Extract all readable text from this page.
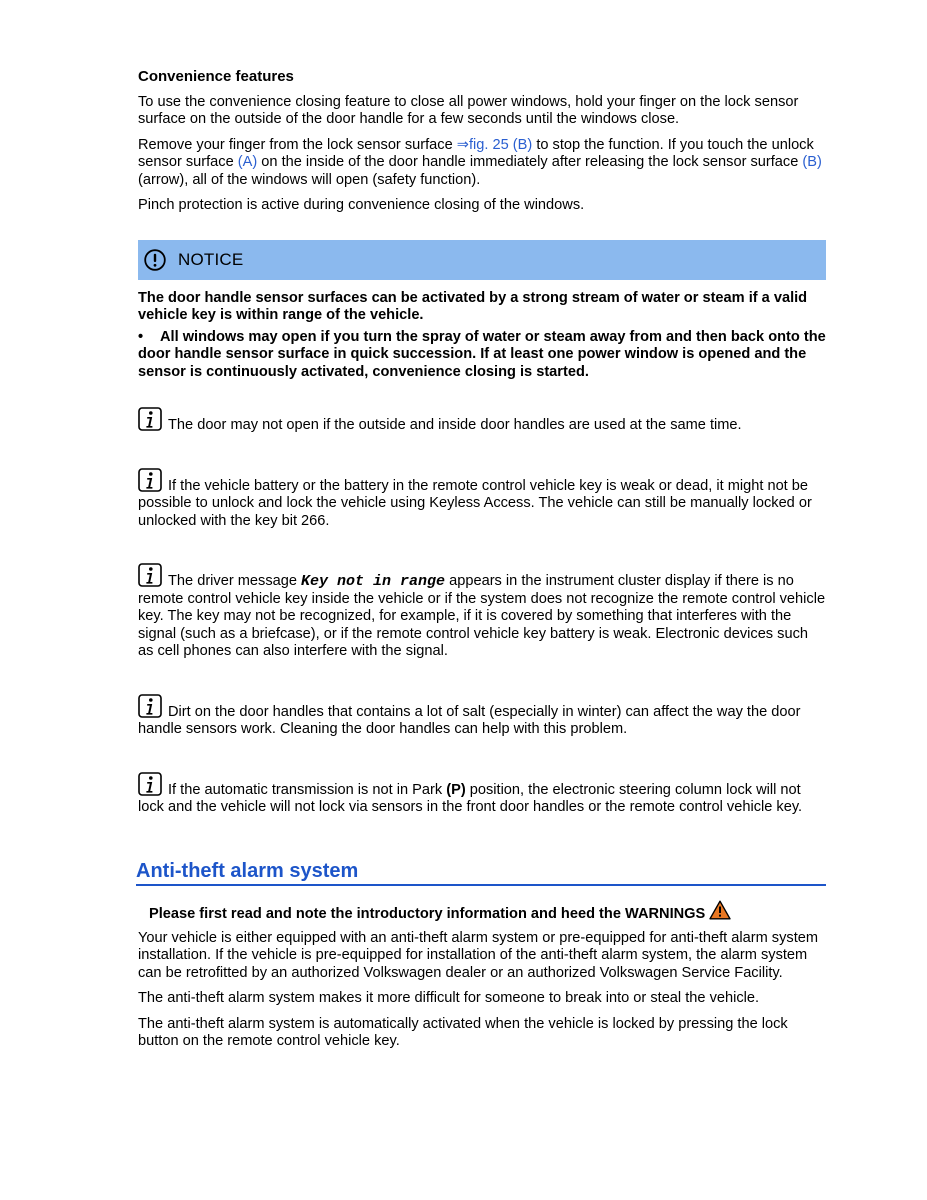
Convenience features

To use the convenience closing feature to close all power windows, hold your finger on the lock sensor surface on the outside of the door handle for a few seconds until the windows close.

Remove your finger from the lock sensor surface ⇒fig. 25 (B) to stop the function. If you touch the unlock sensor surface (A) on the inside of the door handle immediately after releasing the lock sensor surface (B) (arrow), all of the windows will open (safety function).

Pinch protection is active during convenience closing of the windows.

NOTICE

The door handle sensor surfaces can be activated by a strong stream of water or steam if a valid vehicle key is within range of the vehicle.

• All windows may open if you turn the spray of water or steam away from and then back onto the door handle sensor surface in quick succession. If at least one power window is opened and the sensor is continuously activated, convenience closing is started.

The door may not open if the outside and inside door handles are used at the same time.

If the vehicle battery or the battery in the remote control vehicle key is weak or dead, it might not be possible to unlock and lock the vehicle using Keyless Access. The vehicle can still be manually locked or unlocked with the key bit 266.

The driver message Key not in range appears in the instrument cluster display if there is no remote control vehicle key inside the vehicle or if the system does not recognize the remote control vehicle key. The key may not be recognized, for example, if it is covered by something that interferes with the signal (such as a briefcase), or if the remote control vehicle key battery is weak. Electronic devices such as cell phones can also interfere with the signal.

Dirt on the door handles that contains a lot of salt (especially in winter) can affect the way the door handle sensors work. Cleaning the door handles can help with this problem.

If the automatic transmission is not in Park (P) position, the electronic steering column lock will not lock and the vehicle will not lock via sensors in the front door handles or the remote control vehicle key.

Anti-theft alarm system

Please first read and note the introductory information and heed the WARNINGS

Your vehicle is either equipped with an anti-theft alarm system or pre-equipped for anti-theft alarm system installation. If the vehicle is pre-equipped for installation of the anti-theft alarm system, the alarm system can be retrofitted by an authorized Volkswagen dealer or an authorized Volkswagen Service Facility.

The anti-theft alarm system makes it more difficult for someone to break into or steal the vehicle.

The anti-theft alarm system is automatically activated when the vehicle is locked by pressing the lock button on the remote control vehicle key.
